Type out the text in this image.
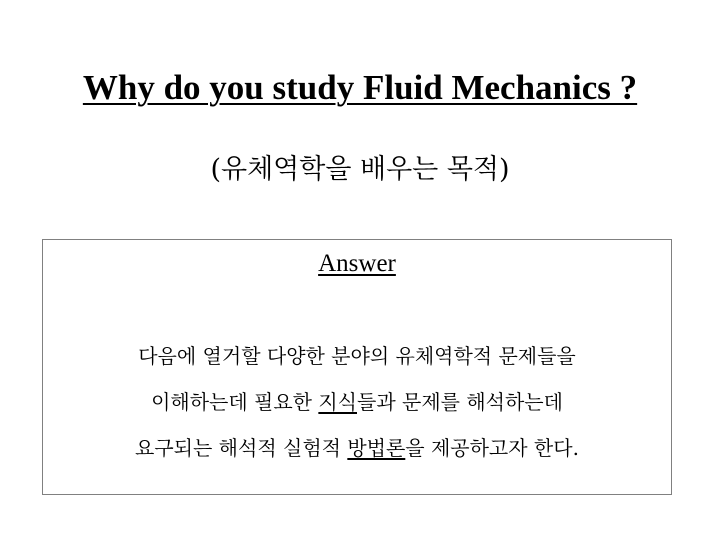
Why do you study Fluid Mechanics ?
(유체역학을 배우는 목적)
Answer
다음에 열거할 다양한 분야의 유체역학적 문제들을
이해하는데 필요한 지식들과 문제를 해석하는데
요구되는 해석적 실험적 방법론을 제공하고자 한다.
